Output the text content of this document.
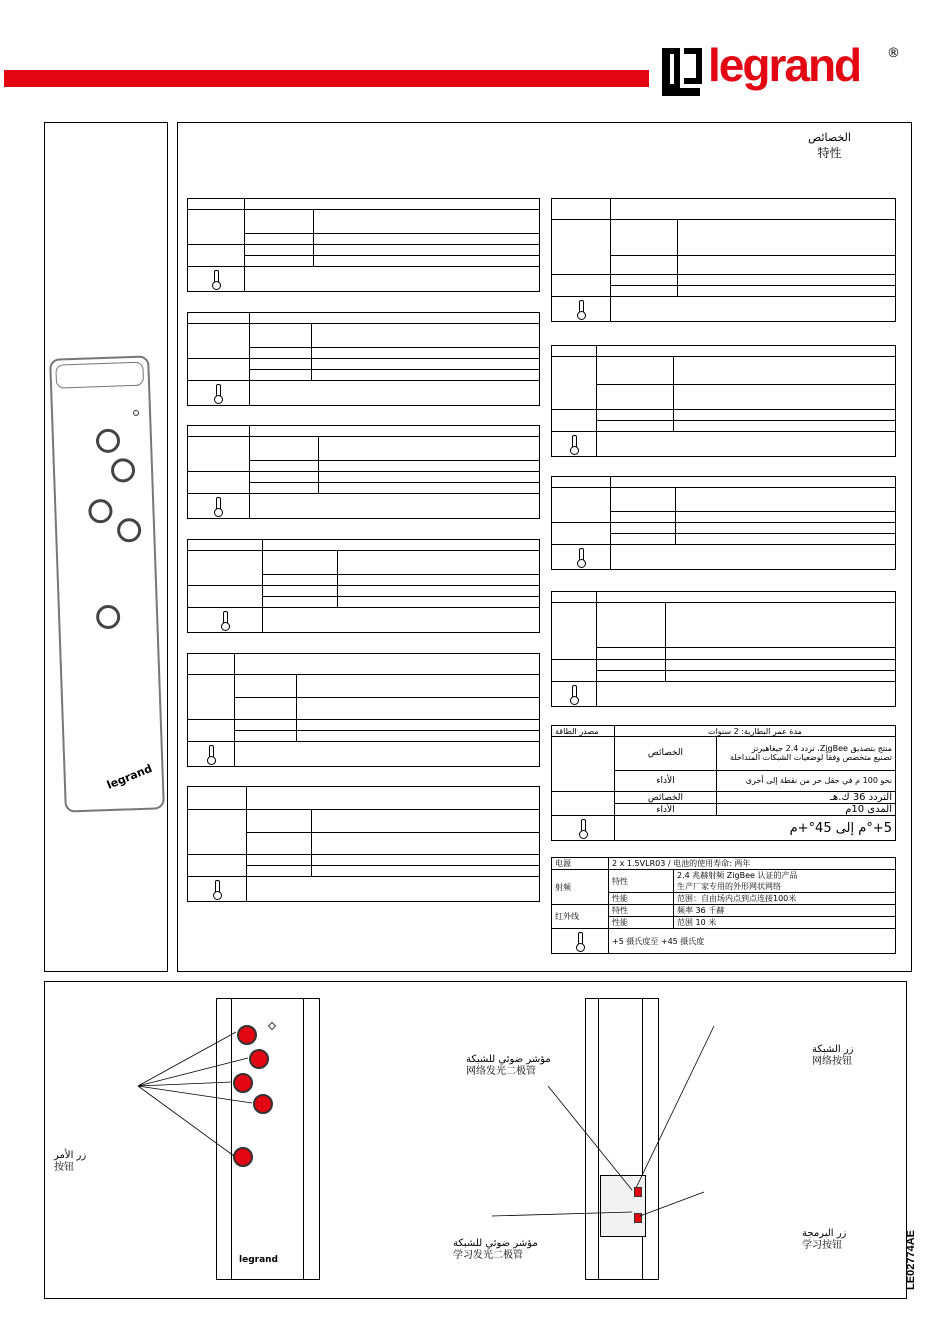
legrand ®
legrand
الخصائص
特性

مصدر الطاقة	مدة عمر البطارية: 2 سنوات	
	الخصائص	منتج بتصديق ZigBee، تردد 2.4 جيغاهيرتز
تصنيع متخصص وفقاً لوضعيات الشبكات المتداخلة

	الأداء	نحو 100 م في حقل حر من نقطة إلى أخرى
	الخصائص	التردد 36 ك.هـ
	الأداء	المدى 10م
	5+°م إلى 45°+م	
电源	2 x 1.5VLR03 / 电池的使用寿命: 两年	
射频	特性	2.4 兆赫射频 ZigBee 认证的产品
生产厂家专用的外形网状网络

	性能	范围：自由场内点到点连接100米
红外线	特性	频率 36 千赫
	性能	范围 10 米
	+5 摄氏度至 +45 摄氏度	
legrand
زر الأمر
按钮
مؤشر ضوئي للشبكة
网络发光二极管
مؤشر ضوئي للشبكة
学习发光二极管
زر الشبكة
网络按钮
زر البرمجة
学习按钮	LE02774AE
